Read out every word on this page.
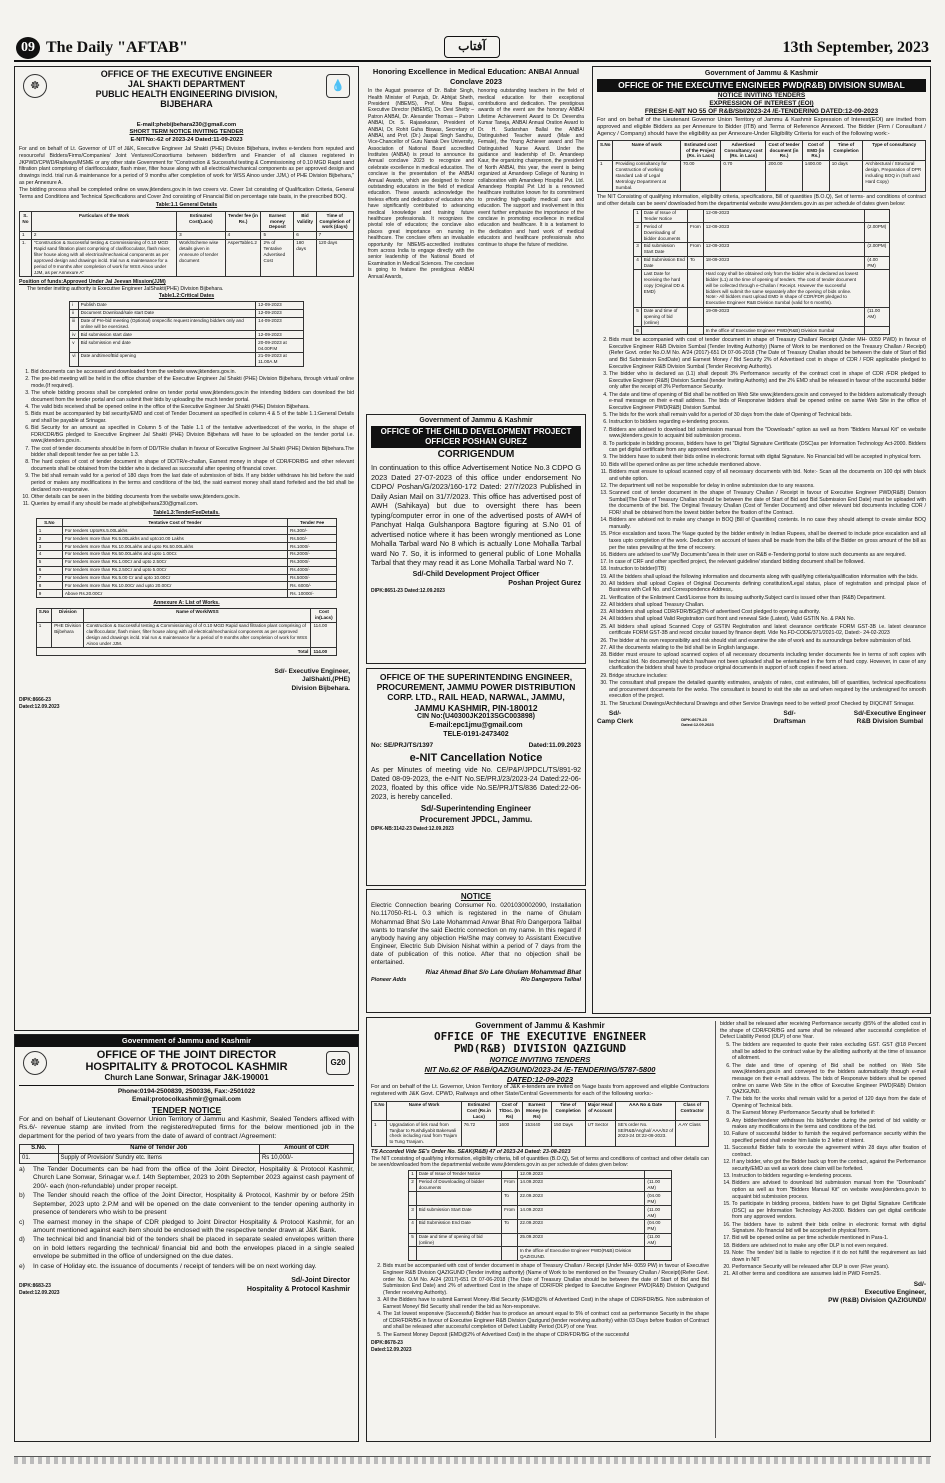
09 The Daily "AFTAB"	آفتاب	13th September, 2023
☸	💧
OFFICE OF THE EXECUTIVE ENGINEER
JAL SHAKTI DEPARTMENT
PUBLIC HEALTH ENGINEERING DIVISION,
BIJBEHARA
E-mail:phebijbehara230@gmail.com
SHORT TERM NOTICE INVITING TENDER
E-NITNo:-62 of 2023-24 Dated:11-09-2023

For and on behalf of Lt. Governor of UT of J&K, Executive Engineer Jal Shakti (PHE) Division Bijbehara, invites e-tenders from reputed and resourceful Bidders/Firms/Companies/ Joint Ventures/Consortiums between bidder/firm and Financier of all classes registered in JKPWD/CPWD/Railways/MSME or any other state Government for "Construction & Successful testing & Commissioning of 0.10 MGD Rapid sand filtration plant comprising of clariflocculator, flash mixer, filter house along with all electrical/mechanical components as per approved design and drawings incld. trial run & maintenance for a period of 9 months after completion of work for WSS Ainoo under JJM,) of PHE Division Bijbehara," as per Annexure A.

The bidding process shall be completed online on www.jktenders.gov.in in two covers viz. Cover 1st consisting of Qualification Criteria, General Terms and Conditions and Technical Specifications and Cover 2nd consisting of Financial Bid on percentage rate basis, in the prescribed BOQ.

Table:1.1 General Details
S. No	Particulars of the Work	Estimated Cost(Lacs)	Tender fee (in Rs.)	Earnest money Deposit	Bid Validity	Time of Completion of work (days)
1	2	3	4	5	6	7
1.	"Construction & Successful testing & Commissioning of 0.10 MGD Rapid sand filtration plant comprising of clariflocculator, flash mixer, filter house along with all electrical/mechanical components as per approved design and drawings incld. trial run & maintenance for a period of 9 months after completion of work for WSS Ainoo under JJM, as per Annexure A"	Work/Scheme wise details given in Annexure of tender document	AsperTable1.2	2% of Tentative Advertised Cost	180 days	120 days
Position of funds:Approved Under Jal Jeevan Mission(JJM)
The tender inviting authority is Executive Engineer JalShakti(PHE) Division Bijbehara.
Table1.2:Critical Dates
i	Publish Date	12-09-2023
ii	Document Download/sale start Date	12-09-2023
iii	Date of Pre-bid meeting (Optional) onspecific request intending bidders only and online will be exercised.	14-09-2023
iv	Bid submission start date	12-09-2023
v	Bid submission end date	20-09-2023 at 04.00P.M
vi	Date andtimeofBid opening	21-09-2023 at 11.00A.M
1. Bid documents can be accessed and downloaded from the website www.jktenders.gov.in.
2. The pre-bid meeting will be held in the office chamber of the Executive Engineer Jal Shakti (PHE) Division Bijbehara, through virtual/ online mode.(If required).
3. The whole bidding process shall be completed online on tender portal www.jktenders.gov.in the intending bidders can download the bid document from the tender portal and can submit their bids by uploading the much tender portal.
4. The valid bids received shall be opened online in the office of the Executive Engineer Jal Shakti (PHE) Division Bijbehara.
5. Bids must be accompanied by bid security/EMD and cost of Tender Document as specified in column 4 & 5 of the table 1.1:General Details and shall be payable at Srinagar.
6. Bid Security for an amount as specified in Column 5 of the Table 1.1 of the tentative advertisedcost of the works, in the shape of FDR/CDR/BG pledged to Executive Engineer Jal Shakti (PHE) Division Bijbehara will have to be uploaded on the tender portal i.e. www.jktenders.gov.in.
7. The cost of tender documents should be in form of DD/TR/e challan in favour of Executive Engineer Jal Shakti (PHE) Division Bijbehara.The bidder shall deposit tender fee as per table 1.3.
8. The hard copies of cost of tender document in shape of DD/TR/e-challan, Earnest money in shape of CDR/FDR/BG and other relevant documents shall be obtained from the bidder who is declared as successful after opening of financial cover.
9. The bid shall remain valid for a period of 180 days from the last date of submission of bids. If any bidder withdraws his bid before the said period or makes any modifications in the terms and conditions of the bid, the said earnest money shall stand forfeited and the bid shall be declared non-responsive.
10. Other details can be seen in the bidding documents from the website www.jktenders.gov.in.
11. Queries by email if any should be made at phebijbehara230@gmail.com.
Table1.3:TenderFeeDetails.
S.No	Tentative Cost of Tender	Tender Fee
1	For tenders UptoRs.5.00Lakhs	Rs.300/-
2	For tenders more than Rs.5.00Lakhs and upto10.00 Lakhs	Rs.500/-
3	For tenders more than Rs.10.00Lakhs and upto Rs.50.00Lakhs	Rs.1000/-
4	For tenders more than Rs.50.00Lakhs and upto 1.00Cr.	Rs.2000/-
5	For tenders more than Rs.1.00Cr and upto 2.50Cr	Rs.3000/-
6	For tenders more than Rs.2.50Cr and upto 5.00Cr	Rs.4000/-
7	For tenders more than Rs.5.00 Cr and upto 10.00Cr	Rs.5000/-
8	For tenders more than Rs.10.00Cr and upto 20.00Cr	Rs. 6000/-
9	Above Rs.20.00Cr	Rs. 10000/-
Annexure A: List of Works.
S.No	Division	Name of Work/WSS	Cost in(Lacs)
1	PHE Division Bijbehara	Construction & Successful testing & Commissioning of of 0.10 MGD Rapid sand filtration plant comprising of clariflocculator, flash mixer, filter house along with all electrical/mechanical components as per approved design and drawings incld. trial run & maintenance for a period of 9 months after completion of work for WSS Ainoo under JJM.	114.00
Total			114.00
DIPK:8666-23
Dated:12.09.2023
Sd/- Executive Engineer,
JalShakti,(PHE)
Division Bijbehara.
Government of Jammu and Kashmir
☸	G20
OFFICE OF THE JOINT DIRECTOR
HOSPITALITY & PROTOCOL KASHMIR
Church Lane Sonwar, Srinagar J&K-190001
Phone:0194-2500839, 2500336, Fax:-2501022
Email:protocolkashmir@gmail.com
TENDER NOTICE

For and on behalf of Lieutenant Governor Union Territory of Jammu and Kashmir, Sealed Tenders affixed with Rs.6/- revenue stamp are invited from the registered/reputed firms for the below mentioned job in the department for the period of two years from the date of award of contract /Agreement:

S.No.	Name of Tender Job	Amount of CDR
01.	Supply of Provision/ Sundry etc. Items	Rs 10,000/-
a)	The Tender Documents can be had from the office of the Joint Director, Hospitality & Protocol Kashmir, Church Lane Sonwar, Srinagar w.e.f. 14th September, 2023 to 20th September 2023 against cash payment of 200/- each (non-refundable) under proper receipt.
b)	The Tender should reach the office of the Joint Director, Hospitality & Protocol, Kashmir by or before 25th September, 2023 upto 2.P.M and will be opened on the date convenient to the tender opening authority in presence of tenderers who wish to be present
c)	The earnest money in the shape of CDR pledged to Joint Director Hospitality & Protocol Kashmir, for an amount mentioned against each item should be enclosed with the respective tender drawn at J&K Bank.
d)	The technical bid and financial bid of the tenders shall be placed in separate sealed envelopes written there on in bold letters regarding the technical/ financial bid and both the envelopes placed in a single sealed envelope be submitted in the office of undersigned on the due dates.
e)	In case of Holiday etc. the issuance of documents / receipt of tenders will be on next working day.
DIPK:8683-23
Dated:12.09.2023
Sd/-Joint Director
Hospitality & Protocol Kashmir
Honoring Excellence in Medical Education: ANBAI Annual Conclave 2023

In the August presence of Dr. Balbir Singh, Health Minister of Punjab, Dr. Abhijat Sheth, President (NBEMS), Prof. Minu Bajpai, Executive Director (NBEMS), Dr. Devi Shetty – Patron ANBAI, Dr. Alexander Thomas – Patron ANBAI, Dr. S. Rajasekaran, President of ANBAI, Dr. Rohit Guha Biswas, Secretary of ANBAI, and Prof. (Dr.) Jaspal Singh Sandhu, Vice-Chancellor of Guru Nanak Dev University, Association of National Board accredited Institutes (ANBAI) is proud to announce its Annual conclave 2023 to recognize and celebrate excellence in medical education. The conclave is the presentation of the ANBAI Annual Awards, which are designed to honor outstanding educators in the field of medical education. These awards acknowledge the tireless efforts and dedication of educators who have significantly contributed to advancing medical knowledge and training future healthcare professionals. It recognizes the pivotal role of educators; the conclave also places great importance on nursing in healthcare. The conclave offers an invaluable opportunity for NBEMS-accredited institutes from across India to engage directly with the senior leadership of the National Board of Examination in Medical Sciences. The conclave is going to feature the prestigious ANBAI Annual Awards,

honoring outstanding teachers in the field of medical education for their exceptional contributions and dedication. The prestigious awards of the event are the honorary ANBAI Lifetime Achievement Award to Dr. Devendra Kumar Taneja, ANBAI Annual Oration Award to Dr. H. Sudarshan Ballal the ANBAI Distinguished Teacher award (Male and Female), the Young Achiever award and The Distinguished Nurse Award. Under the guidance and leadership of Dr. Amandeep Kaur, the organizing chairperson, the president of North ANBAI, this year, the event is being organized at Amandeep College of Nursing in collaboration with Amandeep Hospital Pvt. Ltd. Amandeep Hospital Pvt Ltd is a renowned healthcare institution known for its commitment to providing high-quality medical care and education. The support and involvement in this event further emphasize the importance of the conclave in promoting excellence in medical education and healthcare. It is a testament to the dedication and hard work of medical educators and healthcare professionals who continue to shape the future of medicine.

Government of Jammu & Kashmir
OFFICE OF THE CHILD DEVELOPMENT PROJECT OFFICER POSHAN GUREZ
CORRIGENDUM

In continuation to this office Advertisement Notice No.3 CDPO G 2023 Dated 27-07-2023 of this office under endorsement No CDPO/ Poshan/G/2023/160-172 Dated: 27/7/2023 Published in Daily Asian Mail on 31/7/2023. This office has advertised post of AWH (Sahikaya) but due to oversight there has been typing/computer error in one of the advertised posts of AWH of Panchyat Halqa Gulshanpora Bagtore figuring at S.No 01 of advertised notice where it has been wrongly mentioned as Lone Mohalla Tarbal ward No 8 which is actually Lone Mohalla Tarbal ward No 7. So, it is informed to general public of Lone Mohalla Tarbal that they may read it as Lone Mohalla Tarbal ward No 7.

Sd/-Child Development Project Officer
Poshan Project Gurez
DIPK:8651-23 Dated:12.09.2023
OFFICE OF THE SUPERINTENDING ENGINEER, PROCUREMENT, JAMMU POWER DISTRIBUTION CORP. LTD., RAIL HEAD, NARWAL, JAMMU, JAMMU KASHMIR, PIN-180012
CIN No:(U40300JK2013SGC003898)
E-mail:epc1jmu@gmail.com
TELE-0191-2473402
No: SE/PRJ/TS/1397	Dated:11.09.2023
e-NIT Cancellation Notice

As per Minutes of meeting vide No. CE/P&P/JPDCL/TS/891-92 Dated 08-09-2023, the e-NIT No.SE/PRJ/23/2023-24 Dated:22-06-2023, floated by this office vide No.SE/PRJ/TS/836 Dated:22-06-2023, is hereby cancelled.

Sd/-Superintending Engineer
Procurement JPDCL, Jammu.
DIPK-NB:3142-23 Dated:12.09.2023
NOTICE

Electric Connection bearing Consumer No. 0201030002090, Installation No.117050-R1-L 0.3 which is registered in the name of Ghulam Mohammad Bhat S/o Late Mohammad Anwar Bhat R/o Dangerpora Tailbal wants to transfer the said Electric connection on my name. In this regard if anybody having any objection He/She may convey to Assistant Executive Engineer, Electric Sub Division Nishat within a period of 7 days from the date of publication of this notice. After that no objection shall be entertained.

Riaz Ahmad Bhat S/o Late Ghulam Mohammad Bhat
Pioneer Adds	R/o Dangerpora Tailbal
Government of Jammu & Kashmir
OFFICE OF THE EXECUTIVE ENGINEER PWD(R&B) DIVISION SUMBAL
NOTICE INVITING TENDERS
EXPRESSION OF INTEREST (EOI)
FRESH E-NIT NO 55 OF R&B/Sbl/2023-24 /E-TENDERING DATED:12-09-2023

For and on behalf of the Lieutenant Governor Union Territory of Jammu & Kashmir Expression of Interest(EOI) are invited from approved and eligible Bidders as per Annexure to Bidder (ITB) and Terms of Reference Annexed. The Bidder (Firm / Consultant / Agency / Company) should have the eligibility as per Annexure-Under Eligibility Criteria for each of the following work:-

S.No	Name of work	Estimated cost of the Project (Rs. in Lacs)	Advertised Consultancy cost (Rs. in Lacs)	Cost of tender document (in Rs.)	Cost of EMD (in Rs.)	Time of Completion	Type of consultancy
1	Providing consultancy for Construction of working standard Lab of Legal Metrology Department at Sumbal.	70.00	0.70	200.00	1400.00	10 days	Architectural / Structural design, Preparation of DPR including BOQ in (Soft and Hard Copy)

The NIT Consisting of qualifying information, eligibility criteria, specifications, Bill of quantities (B.O.Q), Set of terms- and conditions of contract and other details can be seen/ downloaded from the departmental website www.jktenders.gov.in as per schedule of dates given below:

1	Date of Issue of Tender Notice		12-09-2023	
2	Period of Downloading of bidder documents	From	12-09-2023	(2.00PM)
3	Bid submission Start Date	From	12-09-2023	(2.00PM)
4	Bid Submission End Date	To	18-09-2023	(4.00 PM)
	Last Date for receiving the hard copy (Original DD & EMD)		Hard copy shall be obtained only from the bidder who is declared as lowest bidder (L1) at the time of opening of tenders. The cost of tender document will be collected through e-Challan / Receipt. However the successful bidders will submit the same separately after the opening of bids online. Note:- All bidders must upload EMD in shape of CDR/FDR pledged to Executive Engineer R&B Division Sumbal (valid for 6 months).	
5	Date and time of opening of bid (online)		19-09-2023	(11.00 AM)
6			In the office of Executive Engineer PWD(R&B) Division Sumbal	
2. Bids must be accompanied with cost of tender document in shape of Treasury Challan/ Receipt (Under MH- 0059 PWD) in favour of Executive Engineer R&B Division Sumbal (Tender Inviting Authority) (Name of Work to be mentioned on the Treasury Challan / Receipt)(Refer Govt. order No.O.M No. A/24 (2017)-651 Dt 07-06-2018 (The Date of Treasury Challan should be between the date of Start of Bid and Bid Submission EndDate) and Earnest Money / Bid Security 2% of Advertised cost in shape of CDR / FDR applicable pledged to Executive Engineer R&B Division Sumbal (Tender Receiving Authority).
3. The bidder who is declared as (L1) shall deposit 3% Performance security of the contract cost in shape of CDR /FDR pledged to Executive Engineer (R&B) Division Sumbal (tender Inviting Authority) and the 2% EMD shall be released in favour of the successful bidder only after the receipt of 3% Performance Security.
4. The date and time of opening of Bid shall be notified on Web Site www.jktenders.gov.in and conveyed to the bidders automatically through e-mail message on their e-mail address. The bids of Responsive bidders shall be opened online on same Web Site in the office of Executive Engineer PWD(R&B) Division Sumbal.
5. The bids for the work shall remain valid for a period of 30 days from the date of Opening of Technical bids.
6. Instruction to bidders regarding e-tendering process.
7. Bidders are advised to download bid submission manual from the "Downloads" option as well as from "Bidders Manual Kit" on website www.jktenders.gov.in to acquaint bid submission process.
8. To participate in bidding process, bidders have to get "Digital Signature Certificate (DSC)as per Information Technology Act-2000. Bidders can get digital certificate from any approved vendors.
9. The bidders have to submit their bids online in electronic format with digital Signature. No Financial bid will be accepted in physical form.
10. Bids will be opened online as per time schedule mentioned above.
11. Bidders must ensure to upload scanned copy of all necessary documents with bid. Note:- Scan all the documents on 100 dpi with black and white option.
12. The department will not be responsible for delay in online submission due to any reasons.
13. Scanned cost of tender document in the shape of Treasury Challan / Receipt in favour of Executive Engineer PWD(R&B) Division Sumbal(The Date of Treasury Challan should be between the date of Start of Bid and Bid Submission End Date) must be uploaded with the documents of the bid. The Original Treasury Challan (Cost of Tender Document) and other relevant bid documents including CDR / FDR/ shall be obtained from the lowest bidder before the fixation of the Contract.
14. Bidders are advised not to make any change in BOQ [Bill of Quantities] contents. In no case they should attempt to create similar BOQ manually.
15. Price escalation and taxes.The %age quoted by the bidder entirely in Indian Rupees, shall be deemed to include price escalation and all taxes upto completion of the work. Deduction on account of taxes shall be made from the bills of the Bidder on gross amount of the bill as per the rates prevailing at the time of recovery.
16. Bidders are advised to use"My Documents"area in their user on R&B e-Tendering portal to store such documents as are required.
17. In case of CRF and other specified project, the relevant guideline/ standard bidding document shall be followed.
18. Instruction to bidder(ITB)
19. All the bidders shall upload the following information and documents along with qualifying criteria/qualification information with the bids.
20. All bidders shall upload Copies of Original Documents defining constitution/Legal status, place of registration and principal place of Business with Cell No. and Correspondence Address,.
21. Verification of the Enlistment Card/License from its issuing authority.Subject card is issued other than (R&B) Department.
22. All bidders shall upload Treasury Challan.
23. All bidders shall upload CDR/FDR/BG@2% of advertised Cost pledged to opening authority.
24. All bidders shall upload Valid Registration card front and renewal Side (Latest), Valid GSTIN No. & PAN No.
25. All bidders shall upload Scanned Copy of GSTIN Registration and latest clearance certificate FORM GST-3B i.e. latest clearance certificate FORM GST-3B and recod circular issued by finance deptt. Vide No.FD-CODE/371/2021-02, Dated:- 24-02-2023
26. The bidder at his own responsibility and risk should visit and examine the site of work and its surroundings before submission of bid.
27. All the documents relating to the bid shall be in English language.
28. Bidder must ensure to upload scanned copies of all necessary documents including tender documents fee in terms of soft copies with technical bid. No document(s) which has/have not been uploaded shall be entertained in the form of hard copy. However, in case of any clarification the bidders shall have to produce original documents in support of soft copies if need arises.
29. Bridge structure includes:
30. The consultant shall prepare the detailed quantity estimates, analysis of rates, cost estimates, bill of quantities, technical specifications and procurement documents for the works. The consultant is bound to visit the site as and when required by the undersigned for smooth execution of the project.
31. The Structural Drawings/Architectural Drawings and other Service Drawings need to be vetted/ proof Checked by DIQC/NIT Srinagar.
Sd/-
Camp Clerk	DIPK:8679-23 Dated:12.09.2023
Sd/-
Draftsman
Sd/-Executive Engineer
R&B Division Sumbal
Government of Jammu & Kashmir
OFFICE OF THE EXECUTIVE ENGINEER
PWD(R&B) DIVISION QAZIGUND
NOTICE INVITING TENDERS
NIT No.62 OF R&B/QAZIGUND/2023-24 /E-TENDERING/5787-5800
DATED:12-09-2023

For and on behalf of the Lt. Governor, Union Territory of J&K e-tenders are invited on %age basis from approved and eligible Contractors registered with J&K Govt. CPWD, Railways and other State/Central Governments for each of the following works:-

S.No	Name of Work	Estimated Cost (Rs.in Lacs)	Cost of T/Doc. (In Rs)	Earnest Money (In Rs)	Time of Completion	Major Head of Account	AAA No & Date	Class of Contractor
1	Upgradation of link road from Tanjbar to Rushdiyabit Bakerwali check including road from Trajam to Tung Tranjam.	76.72	1600	153440	150 Days	UT Sector	SE's order No. SE/R&B/Anghal/ AAA/52 of 2023-24 Dt:22-08-2023.	A AY Class
TS Accorded Vide SE's Order No. SEAK(R&B) 47 of 2023-24 Dated: 23-08-2023

The NIT consisting of qualifying information, eligibility criteria, bill of quantities (B.O.Q), Set of terms and conditions of contract and other details can be seen/downloaded from the departmental website www.jktenders.gov.in as per schedule of dates given below:

1	Date of Issue of Tender Notice		12.09.2023	
2	Period of Downloading of bidder documents	From	14.09.2023	(11.00 AM)
		To	22.09.2023	(04.00 PM)
3	Bid submission Start Date	From	14.09.2023	(11.00 AM)
4	Bid Submission End Date	To	22.09.2023	(04.00 PM)
5	Date and time of opening of bid (online)		25.09.2023	(11.00 AM)
			In the office of Executive Engineer PWD(R&B) Division QAZIGUND.	
2. Bids must be accompanied with cost of tender document in shape of Treasury Challan / Receipt (Under MH- 0059 PW) in favour of Executive Engineer R&B Division QAZIGUND (Tender inviting authority) (Name of Work to be mentioned on the Treasury Challan / Receipt)(Refer Govt. order No. O.M No. A/24 (2017)-651 Dt 07-06-2018 (The Date of Treasury Challan should be between the date of Start of Bid and Bid Submission End Date) and 2% of advertised Cost in the shape of CDR/FDR pledged to Executive Engineer PWD(R&B) Division Qazigund (Tender receiving Authority).
3. All the Bidders have to submit Earnest Money /Bid Security (EMD@2% of Advertised Cost) in the shape of CDR/FDR/BG. Non submission of Earnest Money/ Bid Security shall render the bid as Non-responsive.
4. The 1st lowest responsive (Successful) Bidder has to produce an amount equal to 5% of contract cost as performance Security in the shape of CDR/FDR/BG in favour of Executive Engineer R&B Division Qazigund (tender receiving authority) within 03 Days before fixation of Contract and shall be released after successful completion of Defect Liability Period (DLP) of one Year.
5. The Earnest Money Deposit (EMD@2% of Advertised Cost) in the shape of CDR/FDR/BG of the successful
DIPK:8678-23
Dated:12.09.2023

bidder shall be released after receiving Performance security @5% of the allotted cost in the shape of CDR/FDR/BG and same shall be released after successful completion of Defect Liability Period (DLP) of one Year.

5. The bidders are requested to quote their rates excluding GST. GST @18 Percent shall be added to the contract value by the allotting authority at the time of issuance of allotment.
6. The date and time of opening of Bid shall be notified on Web Site www.jktenders.gov.in and conveyed to the bidders automatically through e-mail message on their e-mail address. The bids of Responsive bidders shall be opened online on same Web Site in the office of Executive Engineer PWD(R&B) Division QAZIGUND.
7. The bids for the works shall remain valid for a period of 120 days from the date of Opening of Technical bids.
8. The Earnest Money /Performance Security shall be forfeited if:
9. Any bidder/tenderer withdraws his bid/tender during the period of bid validity or makes any modifications in the terms and conditions of the bid.
10. Failure of successful bidder to furnish the required performance security within the specified period shall render him liable to 2 letter of intent.
11. Successful Bidder fails to execute the agreement within 28 days after fixation of contract.
12. If any bidder, who got the Bidder back up from the contract, against the Performance security/EMD as well as work done claim will be forfeited.
13. Instruction to bidders regarding e-tendering process.
14. Bidders are advised to download bid submission manual from the "Downloads" option as well as from "Bidders Manual Kit" on website www.jktenders.gov.in to acquaint bid submission process.
15. To participate in bidding process, bidders have to get Digital Signature Certificate (DSC) as per Information Technology Act-2000. Bidders can get digital certificate from any approved vendors.
16. The bidders have to submit their bids online in electronic format with digital Signature. No financial bid will be accepted in physical form.
17. Bid will be opened online as per time schedule mentioned in Para-1.
18. Bidders are advised not to make any offer DLP is not even required.
19. Note: The tender/ bid is liable to rejection if it do not fulfill the requirement as laid down in NIT
20. Performance Security will be released after DLP is over (Five years).
21. All other terms and conditions are assumes laid in PWD Form25.
Sd/-
Executive Engineer,
PW (R&B) Division QAZIGUND//
